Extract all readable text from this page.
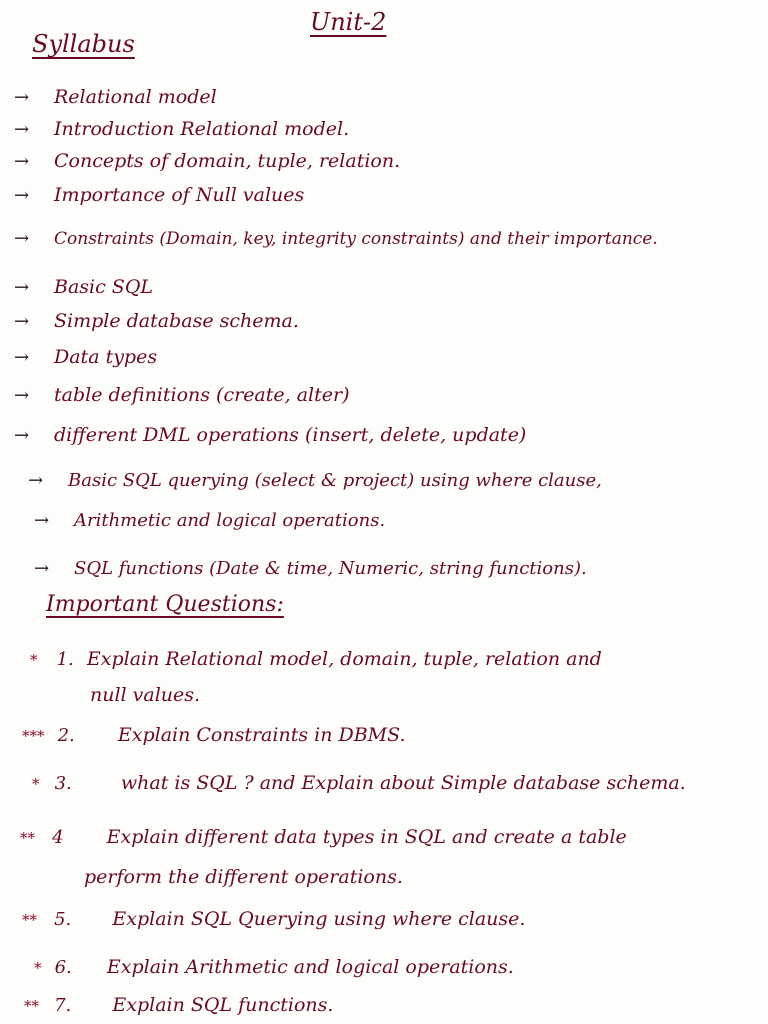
Unit-2
Syllabus
→ Relational model
→ Introduction Relational model.
→ Concepts of domain, tuple, relation.
→ Importance of Null values
→ Constraints (Domain, key, integrity constraints) and their importance.
→ Basic SQL
→ Simple database schema.
→ Data types
→ table definitions (create, alter)
→ different DML operations (insert, delete, update)
→ Basic SQL querying (select & project) using where clause,
→ Arithmetic and logical operations.
→ SQL functions (Date & time, Numeric, string functions).
Important Questions:
* 1. Explain Relational model, domain, tuple, relation and
null values.
*** 2. Explain Constraints in DBMS.
* 3.	what is SQL ? and Explain about Simple database schema.
** 4 Explain different data types in SQL and create a table
perform the different operations.
** 5. Explain SQL Querying using where clause.
* 6. Explain Arithmetic and logical operations.
** 7. Explain SQL functions.
